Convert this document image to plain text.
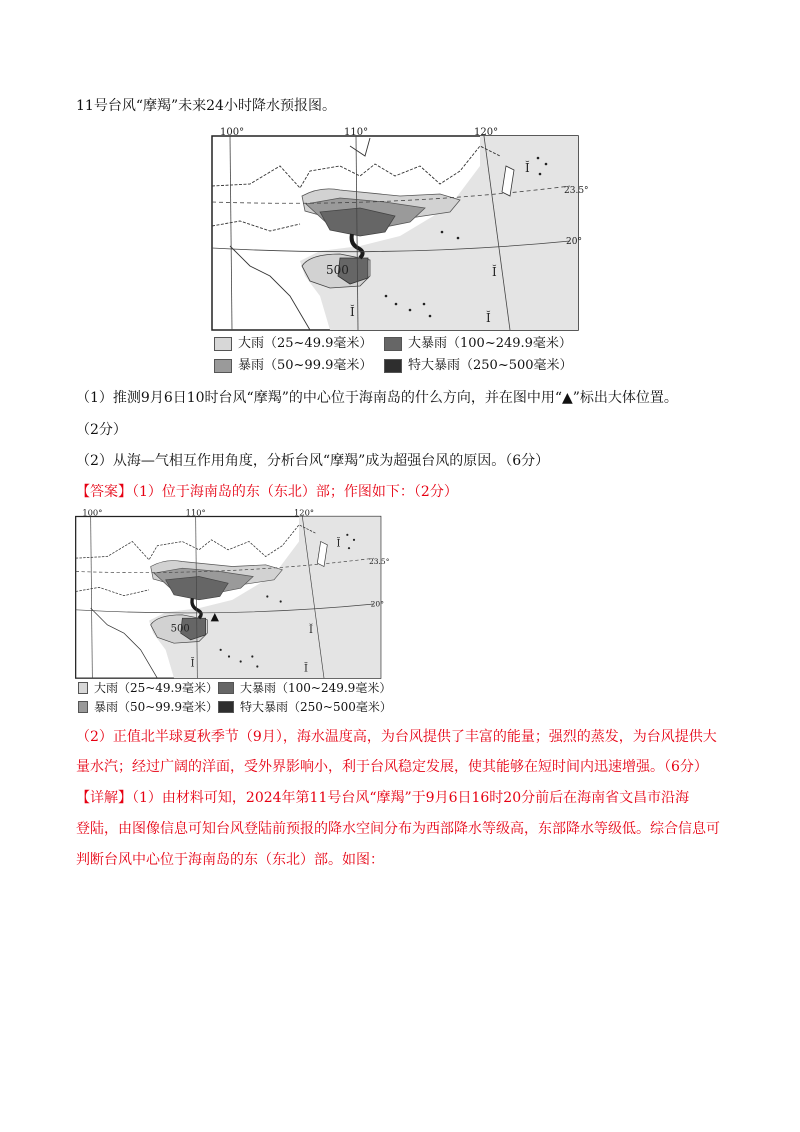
11号台风“摩羯”未来24小时降水预报图。
Ĭ
Ĭ
Ĭ
Ĭ
100°	110°	120°
23.5°
20°
500
大雨（25~49.9毫米）	大暴雨（100~249.9毫米）
暴雨（50~99.9毫米）	特大暴雨（250~500毫米）
（1）推测9月6日10时台风“摩羯”的中心位于海南岛的什么方向，并在图中用“▲”标出大体位置。
（2分）
（2）从海—气相互作用角度，分析台风“摩羯”成为超强台风的原因。（6分）
【答案】（1）位于海南岛的东（东北）部；作图如下：（2分）
Ĭ
Ĭ
Ĭ
Ĭ
100°	110°	120°
23.5°
20°
500
▲
大雨（25~49.9毫米） 大暴雨（100~249.9毫米）
暴雨（50~99.9毫米） 特大暴雨（250~500毫米）
（2）正值北半球夏秋季节（9月），海水温度高，为台风提供了丰富的能量；强烈的蒸发，为台风提供大
量水汽；经过广阔的洋面，受外界影响小，利于台风稳定发展，使其能够在短时间内迅速增强。（6分）
【详解】（1）由材料可知，2024年第11号台风“摩羯”于9月6日16时20分前后在海南省文昌市沿海
登陆，由图像信息可知台风登陆前预报的降水空间分布为西部降水等级高，东部降水等级低。综合信息可
判断台风中心位于海南岛的东（东北）部。如图：
